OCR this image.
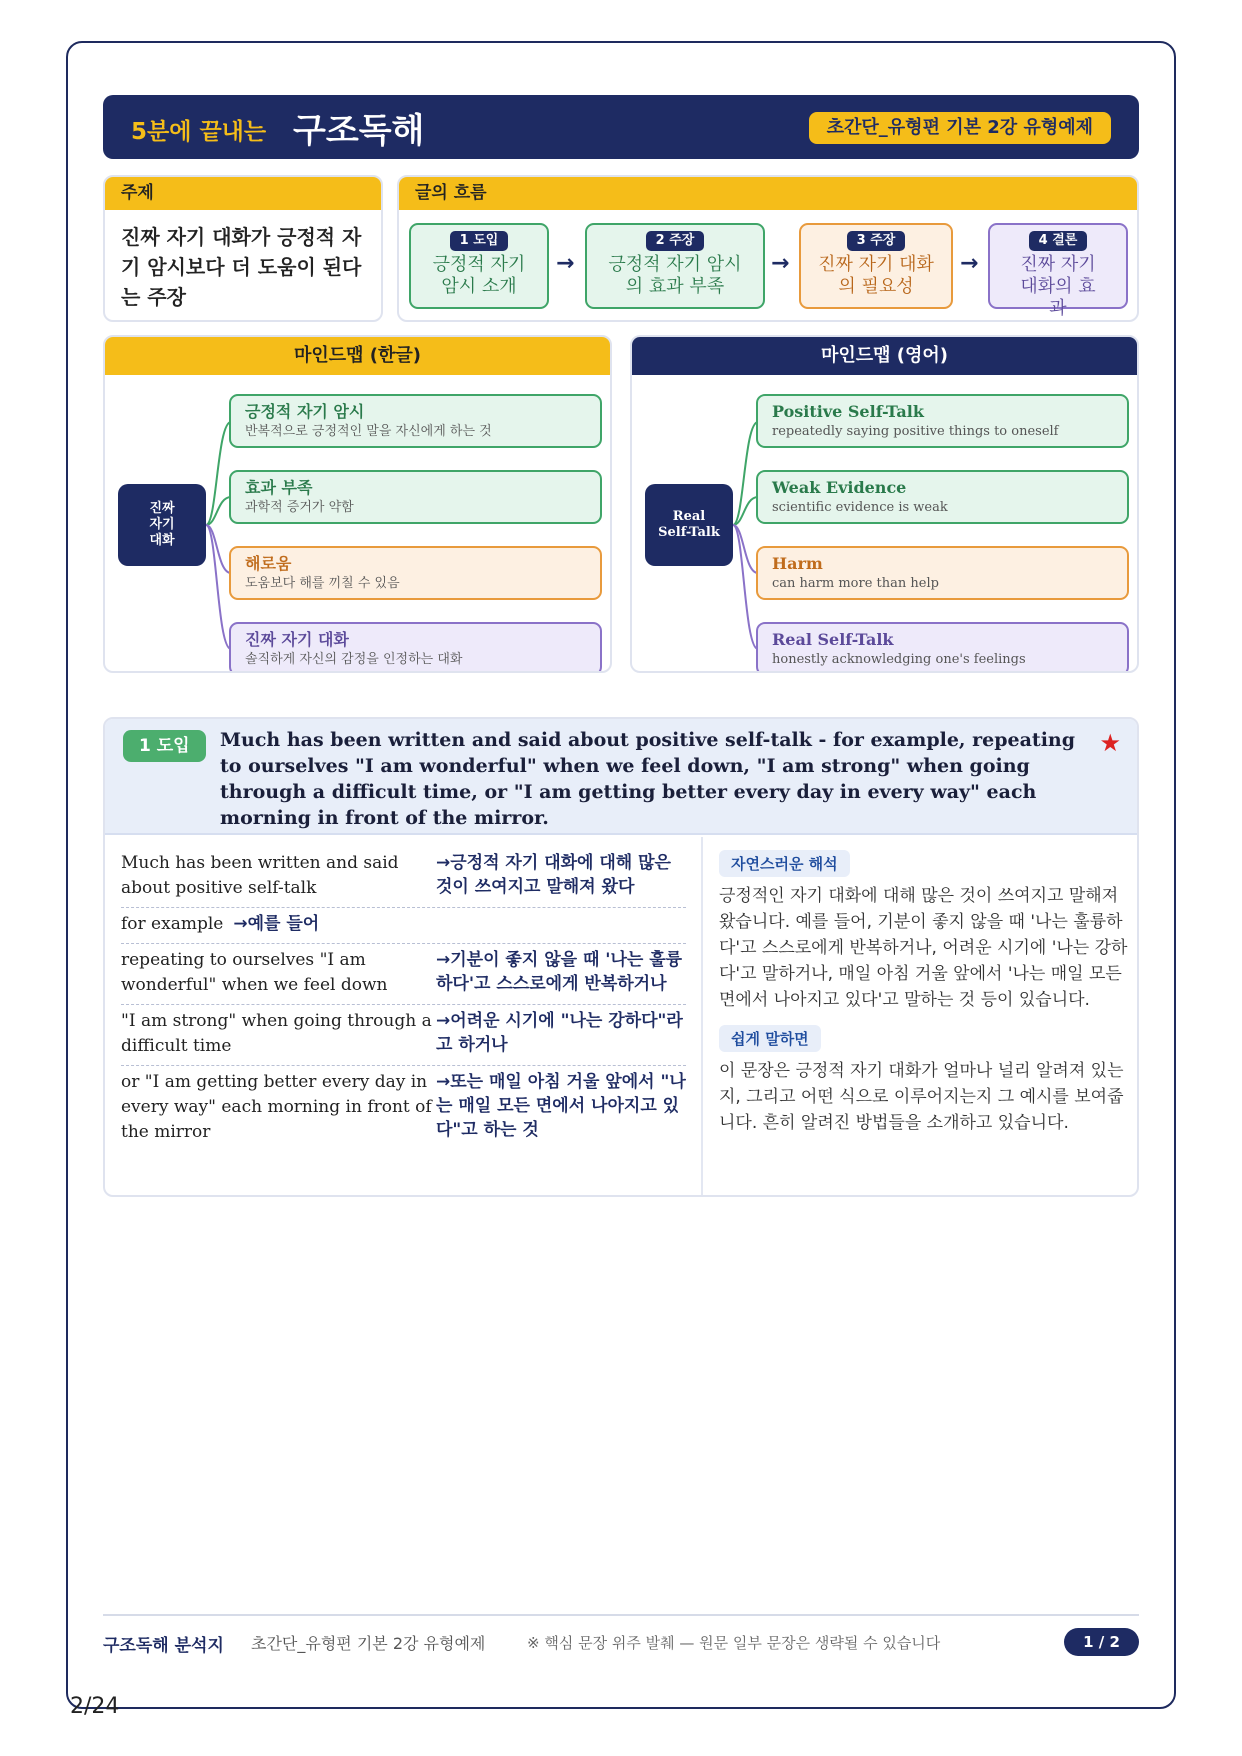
5분에 끝내는 구조독해	초간단_유형편 기본 2강 유형예제
주제
진짜 자기 대화가 긍정적 자기 암시보다 더 도움이 된다는 주장
글의 흐름
1 도입
긍정적 자기 암시 소개
→
2 주장
긍정적 자기 암시의 효과 부족
→
3 주장
진짜 자기 대화의 필요성
→
4 결론
진짜 자기 대화의 효과
마인드맵 (한글)
진짜 자기 대화
긍정적 자기 암시
반복적으로 긍정적인 말을 자신에게 하는 것
효과 부족
과학적 증거가 약함
해로움
도움보다 해를 끼칠 수 있음
진짜 자기 대화
솔직하게 자신의 감정을 인정하는 대화
마인드맵 (영어)
Real Self-Talk
Positive Self-Talk
repeatedly saying positive things to oneself
Weak Evidence
scientific evidence is weak
Harm
can harm more than help
Real Self-Talk
honestly acknowledging one's feelings
1 도입	Much has been written and said about positive self-talk - for example, repeating to ourselves "I am wonderful" when we feel down, "I am strong" when going through a difficult time, or "I am getting better every day in every way" each morning in front of the mirror.
★
Much has been written and said about positive self-talk
→긍정적 자기 대화에 대해 많은 것이 쓰여지고 말해져 왔다
for example →예를 들어
repeating to ourselves "I am wonderful" when we feel down
→기분이 좋지 않을 때 '나는 훌륭하다'고 스스로에게 반복하거나
"I am strong" when going through a difficult time
→어려운 시기에 "나는 강하다"라고 하거나
or "I am getting better every day in every way" each morning in front of the mirror
→또는 매일 아침 거울 앞에서 "나는 매일 모든 면에서 나아지고 있다"고 하는 것
자연스러운 해석

긍정적인 자기 대화에 대해 많은 것이 쓰여지고 말해져 왔습니다. 예를 들어, 기분이 좋지 않을 때 '나는 훌륭하다'고 스스로에게 반복하거나, 어려운 시기에 '나는 강하다'고 말하거나, 매일 아침 거울 앞에서 '나는 매일 모든 면에서 나아지고 있다'고 말하는 것 등이 있습니다.

쉽게 말하면

이 문장은 긍정적 자기 대화가 얼마나 널리 알려져 있는지, 그리고 어떤 식으로 이루어지는지 그 예시를 보여줍니다. 흔히 알려진 방법들을 소개하고 있습니다.

구조독해 분석지 초간단_유형편 기본 2강 유형예제	※ 핵심 문장 위주 발췌 — 원문 일부 문장은 생략될 수 있습니다	1 / 2
2/24
